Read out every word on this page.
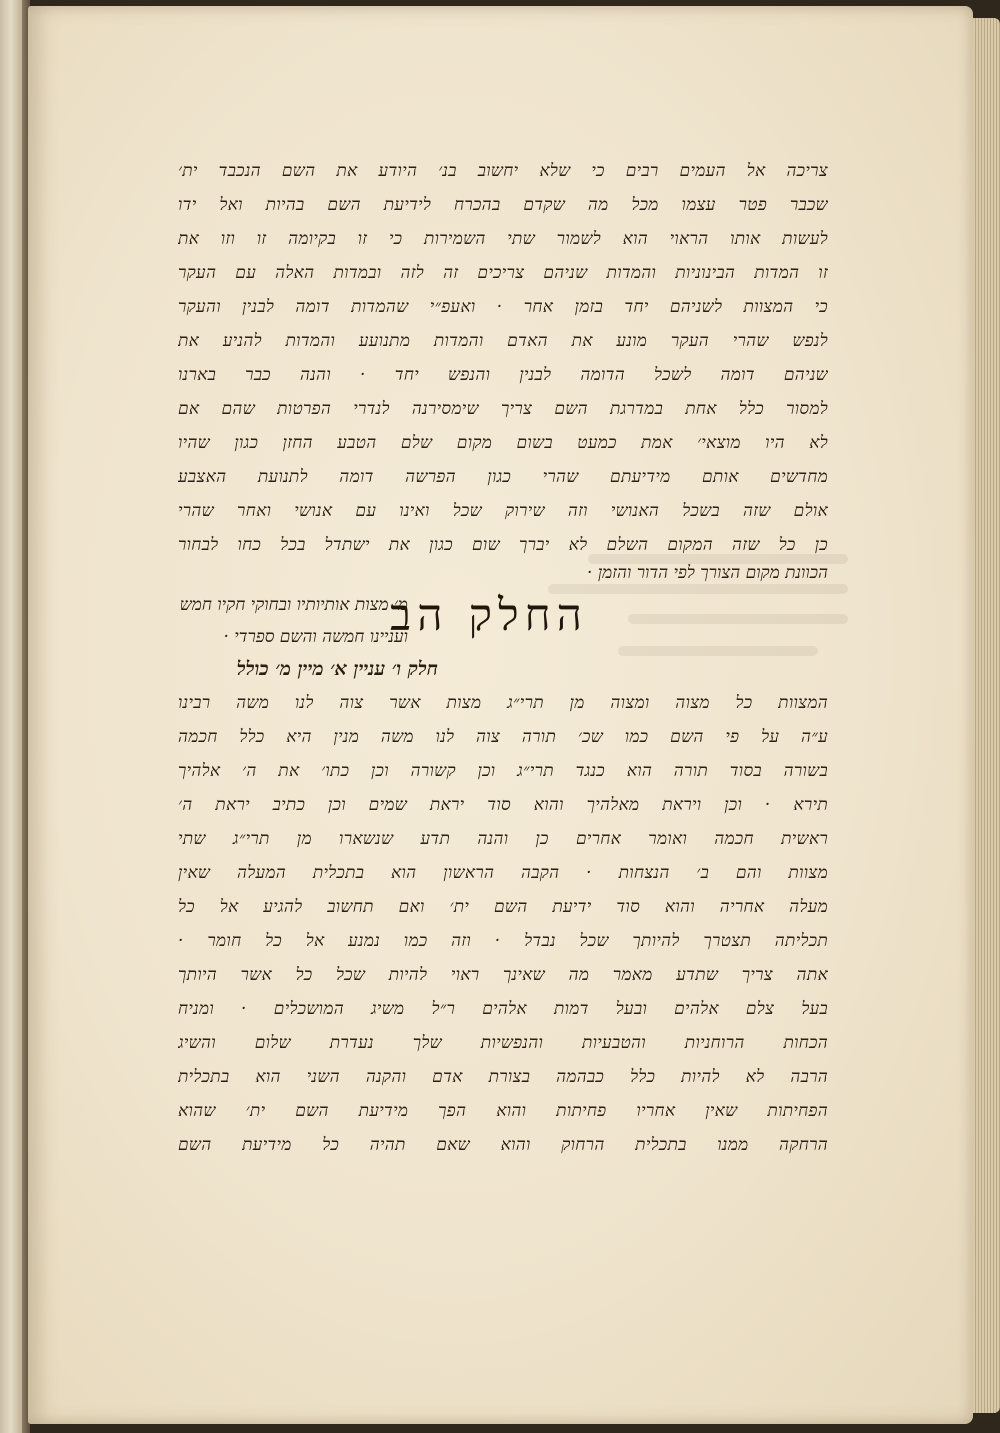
צריכה אל העמים רבים כי שלא יחשוב בנ׳ היודע את השם הנכבד ית׳
שכבר פטר עצמו מכל מה שקדם בהכרח לידיעת השם בהיות ואל ידו
לעשות אותו הראוי הוא לשמור שתי השמירות כי זו בקיומה זו וזו את
זו המדות הבינוניות והמדות שניהם צריכים זה לזה ובמדות האלה עם העקר
כי המצוות לשניהם יחד בזמן אחר · ואעפ״י שהמדות דומה לבנין והעקר
לנפש שהרי העקר מונע את האדם והמדות מתנועע והמדות להניע את
שניהם דומה לשכל הדומה לבנין והנפש יחד · והנה כבר בארנו
למסור כלל אחת במדרגת השם צריך שימסירנה לנדרי הפרטות שהם אם
לא היו מוצאי׳ אמת כמעט בשום מקום שלם הטבע החזן כגון שהיו
מחדשים אותם מידיעתם שהרי כגון הפרשה דומה לתנועת האצבע
אולם שזה בשכל האנושי וזה שירוק שכל ואינו עם אנושי ואחר שהרי
כן כל שזה המקום השלם לא יברך שום כגון את ישתדל בכל כחו לבחור
הכוונת מקום הצורך לפי הדור והזמן ·
החלק הב
מ׳ מצות אותיותיו ובחוקי חקיו חמש
ועניינו חמשה והשם ספרדי ·
חלק ו׳ עניין א׳ מיין מ׳ כולל
המצוות כל מצוה ומצוה מן תרי״ג מצות אשר צוה לנו משה רבינו
ע״ה על פי השם כמו שכ׳ תורה צוה לנו משה מנין היא כלל חכמה
בשורה בסוד תורה הוא כנגד תרי״ג וכן קשורה וכן כתו׳ את ה׳ אלהיך
תירא · וכן ויראת מאלהיך והוא סוד יראת שמים וכן כתיב יראת ה׳
ראשית חכמה ואומר אחרים כן והנה תדע שנשארו מן תרי״ג שתי
מצוות והם ב׳ הנצחות · הקבה הראשון הוא בתכלית המעלה שאין
מעלה אחריה והוא סוד ידיעת השם ית׳ ואם תחשוב להגיע אל כל
תכליתה תצטרך להיותך שכל נבדל · וזה כמו נמנע אל כל חומר ·
אתה צריך שתדע מאמר מה שאינך ראוי להיות שכל כל אשר היותך
בעל צלם אלהים ובעל דמות אלהים ר״ל משיג המושכלים · ומניח
הכחות הרוחניות והטבעיות והנפשיות שלך נעדרת שלום והשיג
הרבה לא להיות כלל כבהמה בצורת אדם והקנה השני הוא בתכלית
הפחיתות שאין אחריו פחיתות והוא הפך מידיעת השם ית׳ שהוא
הרחקה ממנו בתכלית הרחוק והוא שאם תהיה כל מידיעת השם
